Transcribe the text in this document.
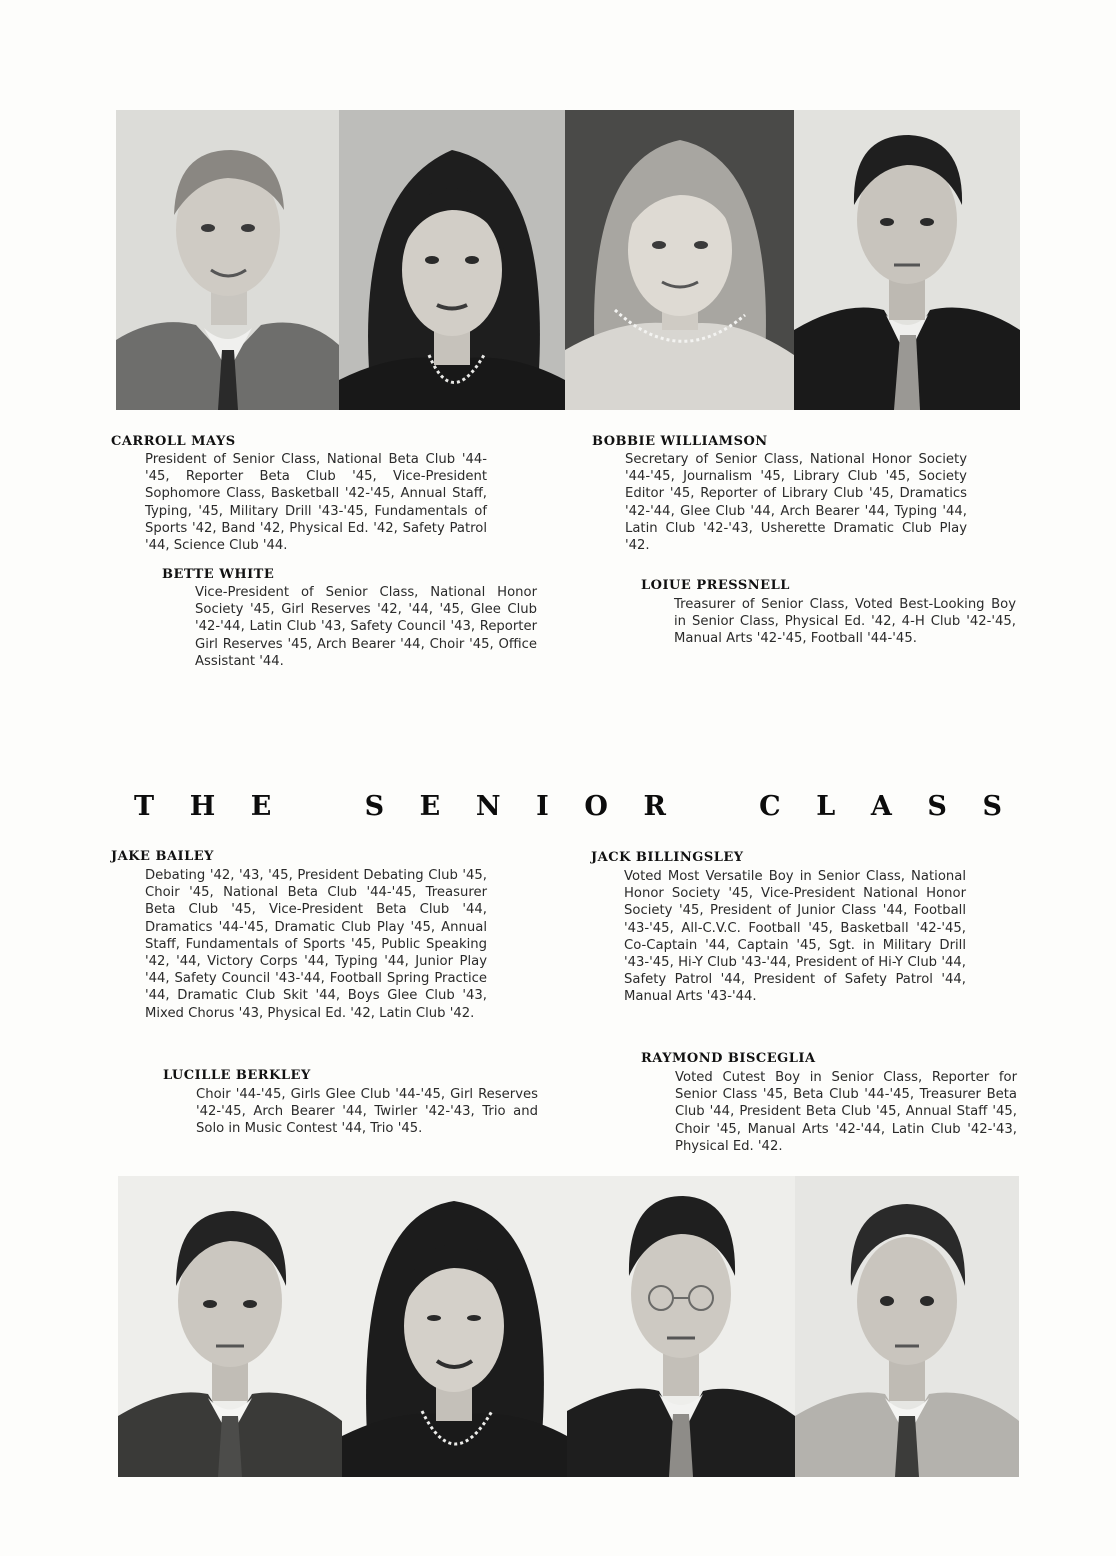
CARROLL MAYS

President of Senior Class, National Beta Club '44-'45, Reporter Beta Club '45, Vice-President Sophomore Class, Basketball '42-'45, Annual Staff, Typing, '45, Military Drill '43-'45, Fundamentals of Sports '42, Band '42, Physical Ed. '42, Safety Patrol '44, Science Club '44.

BETTE WHITE

Vice-President of Senior Class, National Honor Society '45, Girl Reserves '42, '44, '45, Glee Club '42-'44, Latin Club '43, Safety Council '43, Reporter Girl Reserves '45, Arch Bearer '44, Choir '45, Office Assistant '44.

BOBBIE WILLIAMSON

Secretary of Senior Class, National Honor Society '44-'45, Journalism '45, Library Club '45, Society Editor '45, Reporter of Library Club '45, Dramatics '42-'44, Glee Club '44, Arch Bearer '44, Typing '44, Latin Club '42-'43, Usherette Dramatic Club Play '42.

LOIUE PRESSNELL

Treasurer of Senior Class, Voted Best-Looking Boy in Senior Class, Physical Ed. '42, 4-H Club '42-'45, Manual Arts '42-'45, Football '44-'45.

T H E	S E N I O R	C L A S S
JAKE BAILEY

Debating '42, '43, '45, President Debating Club '45, Choir '45, National Beta Club '44-'45, Treasurer Beta Club '45, Vice-President Beta Club '44, Dramatics '44-'45, Dramatic Club Play '45, Annual Staff, Fundamentals of Sports '45, Public Speaking '42, '44, Victory Corps '44, Typing '44, Junior Play '44, Safety Council '43-'44, Football Spring Practice '44, Dramatic Club Skit '44, Boys Glee Club '43, Mixed Chorus '43, Physical Ed. '42, Latin Club '42.

LUCILLE BERKLEY

Choir '44-'45, Girls Glee Club '44-'45, Girl Reserves '42-'45, Arch Bearer '44, Twirler '42-'43, Trio and Solo in Music Contest '44, Trio '45.

JACK BILLINGSLEY

Voted Most Versatile Boy in Senior Class, National Honor Society '45, Vice-President National Honor Society '45, President of Junior Class '44, Football '43-'45, All-C.V.C. Football '45, Basketball '42-'45, Co-Captain '44, Captain '45, Sgt. in Military Drill '43-'45, Hi-Y Club '43-'44, President of Hi-Y Club '44, Safety Patrol '44, President of Safety Patrol '44, Manual Arts '43-'44.

RAYMOND BISCEGLIA

Voted Cutest Boy in Senior Class, Reporter for Senior Class '45, Beta Club '44-'45, Treasurer Beta Club '44, President Beta Club '45, Annual Staff '45, Choir '45, Manual Arts '42-'44, Latin Club '42-'43, Physical Ed. '42.
